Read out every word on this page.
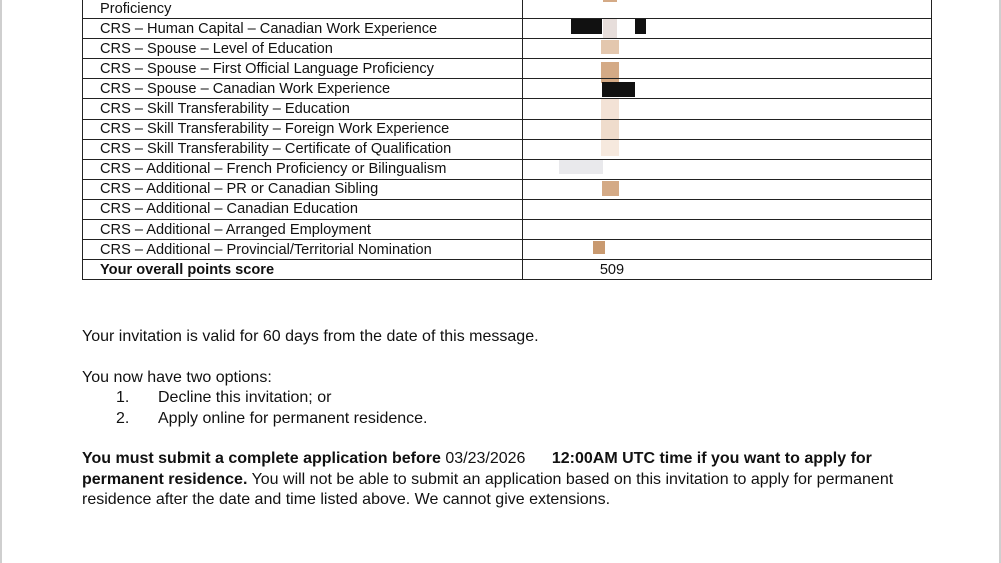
Proficiency	

CRS – Human Capital – Canadian Work Experience	

CRS – Spouse – Level of Education	

CRS – Spouse – First Official Language Proficiency	

CRS – Spouse – Canadian Work Experience	

CRS – Skill Transferability – Education	

CRS – Skill Transferability – Foreign Work Experience	

CRS – Skill Transferability – Certificate of Qualification	

CRS – Additional – French Proficiency or Bilingualism	

CRS – Additional – PR or Canadian Sibling	

CRS – Additional – Canadian Education	
CRS – Additional – Arranged Employment	
CRS – Additional – Provincial/Territorial Nomination	

Your overall points score	509

Your invitation is valid for 60 days from the date of this message.

You now have two options:

1. Decline this invitation; or
2. Apply online for permanent residence.

You must submit a complete application before 03/23/2026 12:00AM UTC time if you want to apply for permanent residence. You will not be able to submit an application based on this invitation to apply for permanent residence after the date and time listed above. We cannot give extensions.
